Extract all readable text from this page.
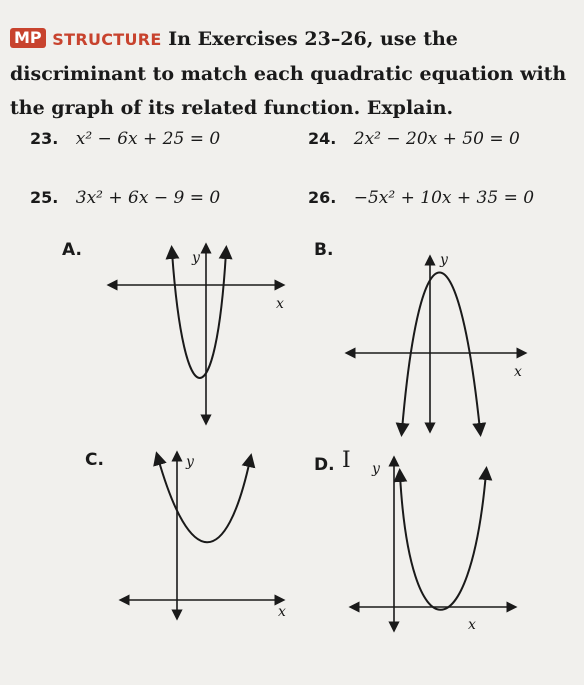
MP STRUCTURE In Exercises 23–26, use the discriminant to match each quadratic equation with the graph of its related function. Explain.
23. x² − 6x + 25 = 0	24. 2x² − 20x + 50 = 0
25. 3x² + 6x − 9 = 0	26. −5x² + 10x + 35 = 0
A.	B.
C.	D. I
y
x
y
x
y
x
y
x
